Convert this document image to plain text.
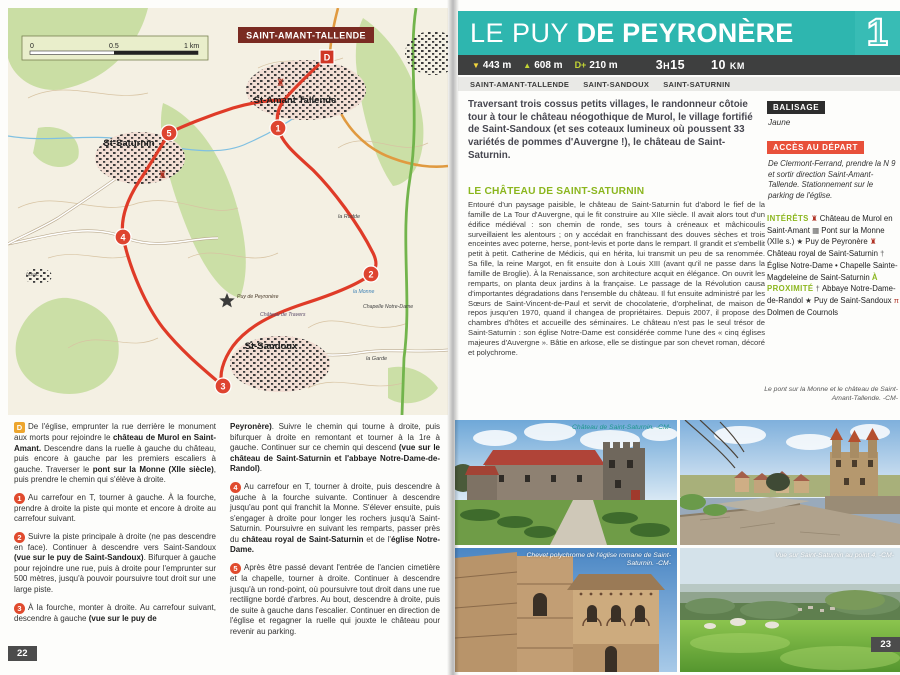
0	0.5	1 km
SAINT-AMANT-TALLENDE
♜
♜
St-Amant Tallende
St-Saturnin
St-Sandoux
Puy de Peyronère
Château de Travers
Chapelle Notre-Dame
la Garde
la Rodde
Issac
la Monne
D
1
2
3
4
5

D De l'église, emprunter la rue derrière le monument aux morts pour rejoindre le château de Murol en Saint-Amant. Descendre dans la ruelle à gauche du château, puis encore à gauche par les premiers escaliers à gauche. Traverser le pont sur la Monne (XIIe siècle), puis prendre le chemin qui s'élève à droite.

1 Au carrefour en T, tourner à gauche. À la fourche, prendre à droite la piste qui monte et encore à droite au carrefour suivant.

2 Suivre la piste principale à droite (ne pas descendre en face). Continuer à descendre vers Saint-Sandoux (vue sur le puy de Saint-Sandoux). Bifurquer à gauche pour rejoindre une rue, puis à droite pour l'emprunter sur 500 mètres, jusqu'à pouvoir poursuivre tout droit sur une large piste.

3 À la fourche, monter à droite. Au carrefour suivant, descendre à gauche (vue sur le puy de

Peyronère). Suivre le chemin qui tourne à droite, puis bifurquer à droite en remontant et tourner à la 1re à gauche. Continuer sur ce chemin qui descend (vue sur le château de Saint-Saturnin et l'abbaye Notre-Dame-de-Randol).

4 Au carrefour en T, tourner à droite, puis descendre à gauche à la fourche suivante. Continuer à descendre jusqu'au pont qui franchit la Monne. S'élever ensuite, puis s'engager à droite pour longer les rochers jusqu'à Saint-Saturnin. Poursuivre en suivant les remparts, passer près du château royal de Saint-Saturnin et de l'église Notre-Dame.

5 Après être passé devant l'entrée de l'ancien cimetière et la chapelle, tourner à droite. Continuer à descendre jusqu'à un rond-point, où poursuivre tout droit dans une rue rectiligne bordé d'arbres. Au bout, descendre à droite, puis de suite à gauche dans l'escalier. Continuer en direction de l'église et regagner la ruelle qui jouxte le château pour revenir au parking.

22
LE PUY DE PEYRONÈRE 1
▼ 443 m ▲ 608 m D+ 210 m	3h15 10 km
SAINT-AMANT-TALLENDE SAINT-SANDOUX SAINT-SATURNIN
Traversant trois cossus petits villages, le randonneur côtoie tour à tour le château néogothique de Murol, le village fortifié de Saint-Sandoux (et ses coteaux lumineux où poussent 33 variétés de pommes d'Auvergne !), le château de Saint-Saturnin.
LE CHÂTEAU DE SAINT-SATURNIN
Entouré d'un paysage paisible, le château de Saint-Saturnin fut d'abord le fief de la famille de La Tour d'Auvergne, qui le fit construire au XIIe siècle. Il avait alors tout d'un édifice médiéval : son chemin de ronde, ses tours à créneaux et mâchicoulis surveillaient les alentours ; on y accédait en franchissant des douves sèches et trois enceintes avec poterne, herse, pont-levis et porte dans le rempart. Il grandit et s'embellit petit à petit. Catherine de Médicis, qui en hérita, lui transmit un peu de sa renommée. Sa fille, la reine Margot, en fit ensuite don à Louis XIII (avant qu'il ne passe dans la famille de Broglie). À la Renaissance, son architecture acquit en élégance. On ouvrit les remparts, on planta deux jardins à la française. Le passage de la Révolution causa d'importantes dégradations dans l'ensemble du château. Il fut ensuite administré par les Sœurs de Saint-Vincent-de-Paul et servit de chocolaterie, d'orphelinat, de maison de repos jusqu'en 1970, quand il changea de propriétaires. Depuis 2007, il propose des chambres d'hôtes et accueille des séminaires. Le château n'est pas le seul trésor de Saint-Saturnin : son église Notre-Dame est considérée comme l'une des « cinq églises majeures d'Auvergne ». Bâtie en arkose, elle se distingue par son chevet roman, décoré et polychrome.
BALISAGE
Jaune
ACCÈS AU DÉPART
De Clermont-Ferrand, prendre la N 9 et sortir direction Saint-Amant-Tallende. Stationnement sur le parking de l'église.
INTÉRÊTS ♜ Château de Murol en Saint-Amant ▦ Pont sur la Monne (XIIe s.) ★ Puy de Peyronère ♜ Château royal de Saint-Saturnin † Église Notre-Dame • Chapelle Sainte-Magdeleine de Saint-Saturnin À PROXIMITÉ † Abbaye Notre-Dame-de-Randol ★ Puy de Saint-Sandoux π Dolmen de Cournols
Le pont sur la Monne et le château de Saint-Amant-Tallende. -CM-
Château de Saint-Saturnin. -CM-
Chevet polychrome de l'église romane de Saint-Saturnin. -CM-
Vue sur Saint-Saturnin au point 4. -CM-
23
